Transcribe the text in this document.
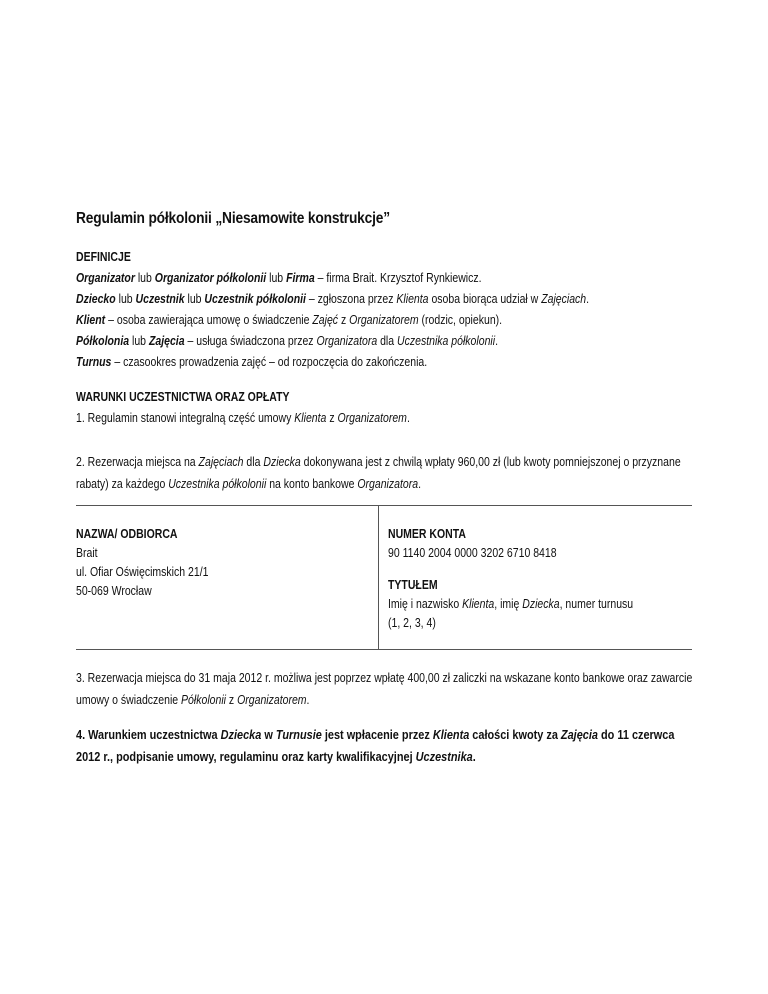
Regulamin półkolonii „Niesamowite konstrukcje”

DEFINICJE

Organizator lub Organizator półkolonii lub Firma – firma Brait. Krzysztof Rynkiewicz.
Dziecko lub Uczestnik lub Uczestnik półkolonii – zgłoszona przez Klienta osoba biorąca udział w Zajęciach.
Klient – osoba zawierająca umowę o świadczenie Zajęć z Organizatorem (rodzic, opiekun).
Półkolonia lub Zajęcia – usługa świadczona przez Organizatora dla Uczestnika półkolonii.
Turnus – czasookres prowadzenia zajęć – od rozpoczęcia do zakończenia.

WARUNKI UCZESTNICTWA ORAZ OPŁATY

1. Regulamin stanowi integralną część umowy Klienta z Organizatorem.

2. Rezerwacja miejsca na Zajęciach dla Dziecka dokonywana jest z chwilą wpłaty 960,00 zł (lub kwoty pomniejszonej o przyznane rabaty) za każdego Uczestnika półkolonii na konto bankowe Organizatora.

NAZWA/ ODBIORCA

Brait

ul. Ofiar Oświęcimskich 21/1

50-069 Wrocław

NUMER KONTA

90 1140 2004 0000 3202 6710 8418

TYTUŁEM

Imię i nazwisko Klienta, imię Dziecka, numer turnusu

(1, 2, 3, 4)

3. Rezerwacja miejsca do 31 maja 2012 r. możliwa jest poprzez wpłatę 400,00 zł zaliczki na wskazane konto bankowe oraz zawarcie umowy o świadczenie Półkolonii z Organizatorem.

4. Warunkiem uczestnictwa Dziecka w Turnusie jest wpłacenie przez Klienta całości kwoty za Zajęcia do 11 czerwca 2012 r., podpisanie umowy, regulaminu oraz karty kwalifikacyjnej Uczestnika.
